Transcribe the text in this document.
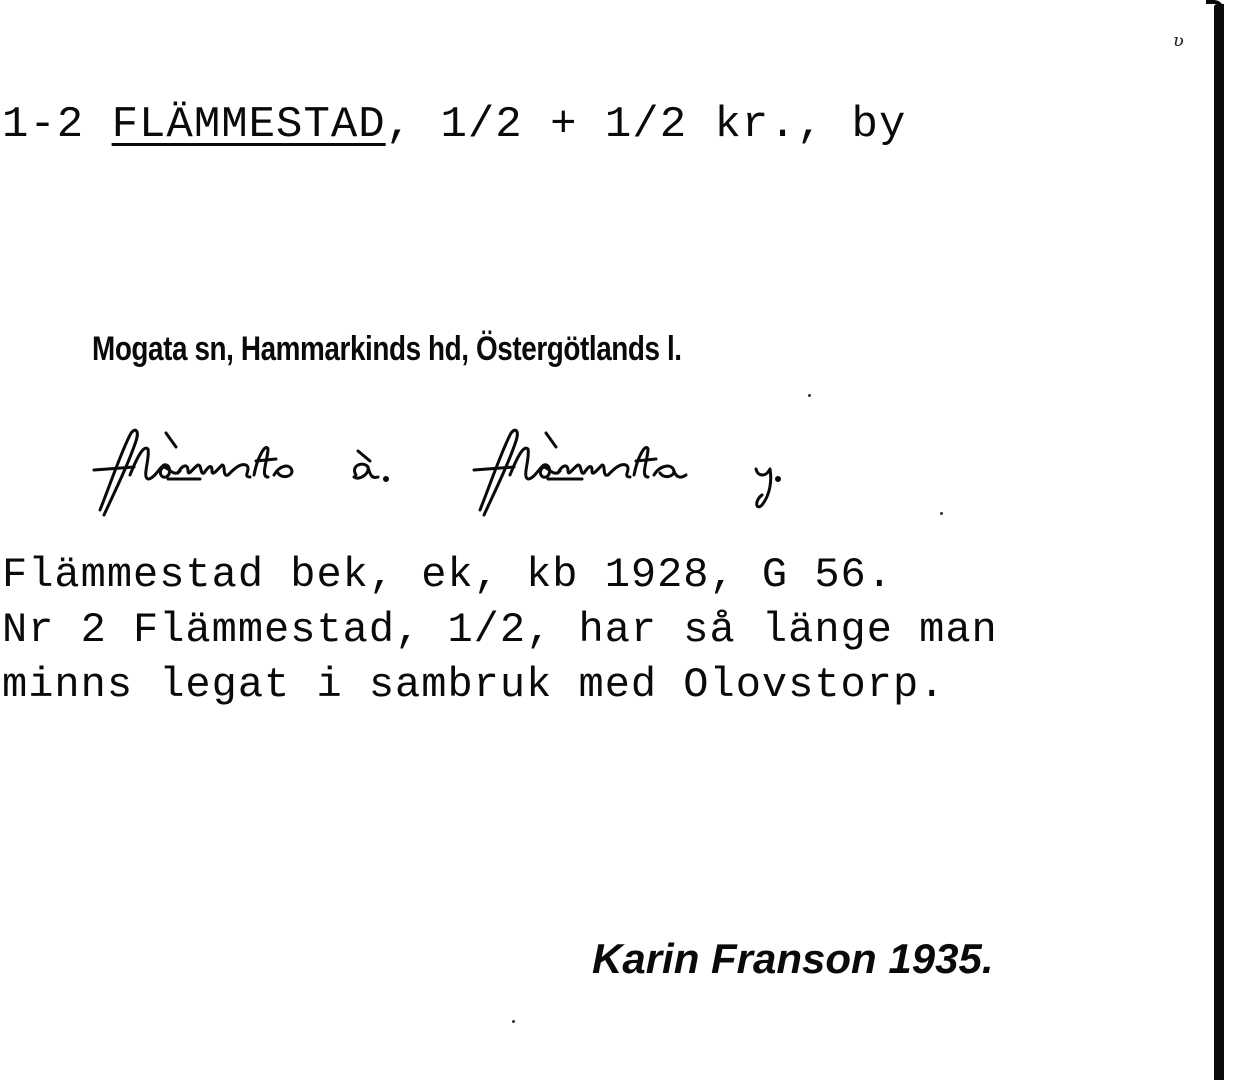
ʋ
1-2 FLÄMMESTAD, 1/2 + 1/2 kr., by
Mogata sn, Hammarkinds hd, Östergötlands l.
Flämmestad bek, ek, kb 1928, G 56.
Nr 2 Flämmestad, 1/2, har så länge man
minns legat i sambruk med Olovstorp.
Karin Franson 1935.
